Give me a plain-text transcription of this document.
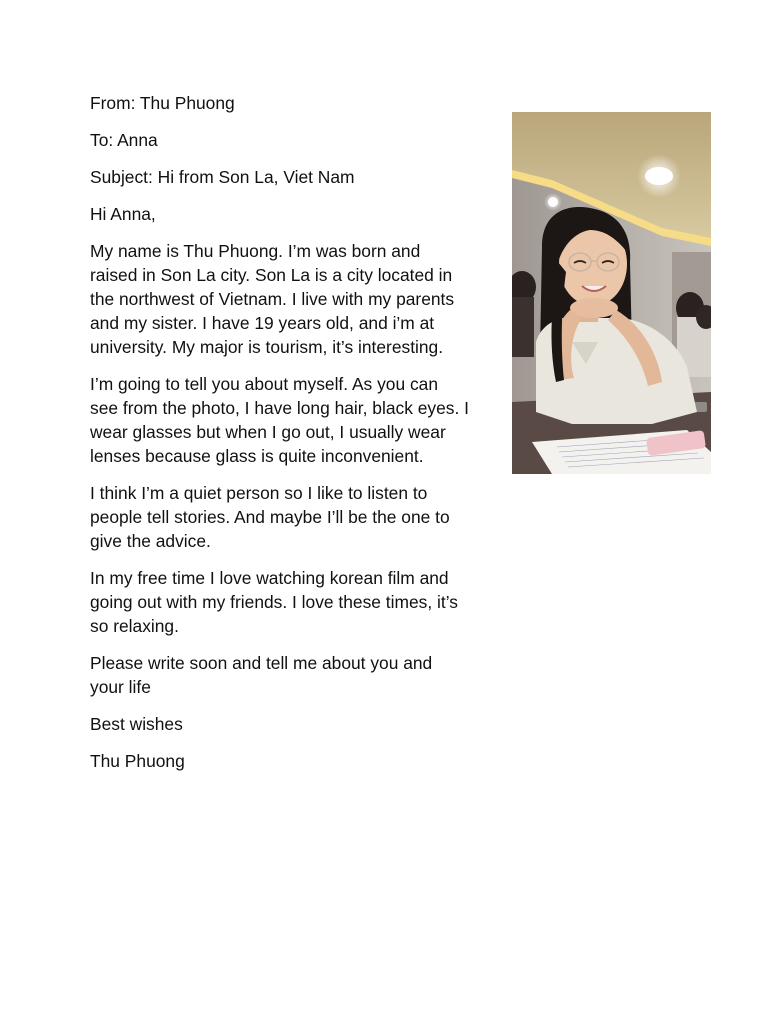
From: Thu Phuong

To: Anna

Subject: Hi from Son La, Viet Nam

Hi Anna,

My name is Thu Phuong. I’m was born and raised in Son La city. Son La is a city located in the northwest of Vietnam. I live with my parents and my sister. I have 19 years old, and i’m at university. My major is tourism, it’s interesting.

I’m going to tell you about myself. As you can see from the photo, I have long hair, black eyes. I wear glasses but when I go out, I usually wear lenses because glass is quite inconvenient.

I think I’m a quiet person so I like to listen to people tell stories. And maybe I’ll be the one to give the advice.

In my free time I love watching korean film and going out with my friends. I love these times, it’s so relaxing.

Please write soon and tell me about you and your life

Best wishes

Thu Phuong
